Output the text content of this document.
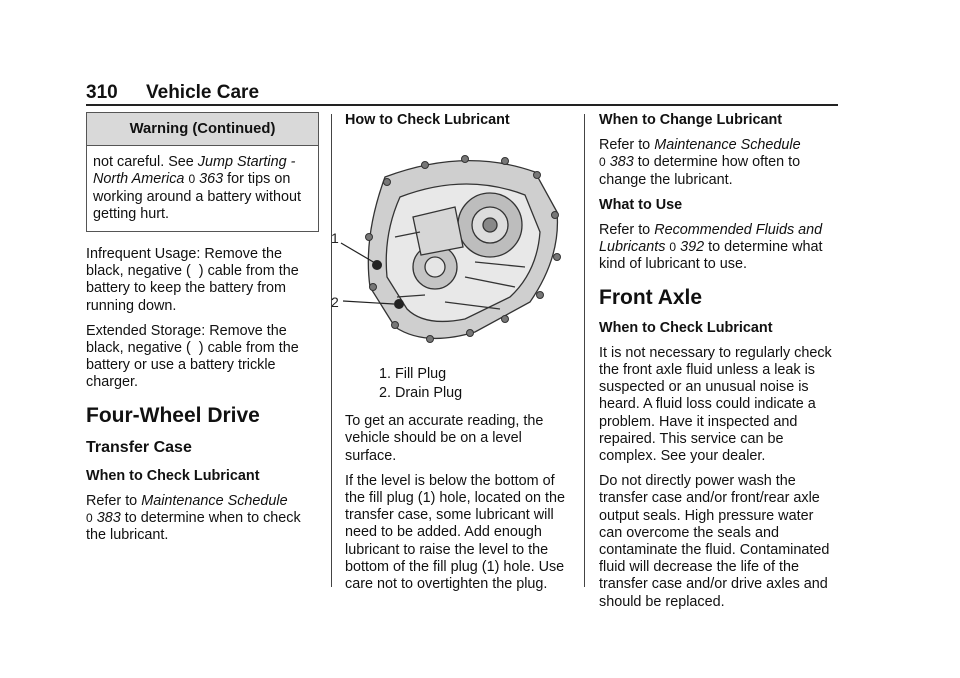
310 Vehicle Care
Warning (Continued)

not careful. See Jump Starting - North America 0 363 for tips on working around a battery without getting hurt.

Infrequent Usage: Remove the black, negative (  ) cable from the battery to keep the battery from running down.

Extended Storage: Remove the black, negative (  ) cable from the battery or use a battery trickle charger.

Four-Wheel Drive
Transfer Case
When to Check Lubricant

Refer to Maintenance Schedule
0 383 to determine when to check the lubricant.

How to Check Lubricant
1
2
1. Fill Plug
2. Drain Plug

To get an accurate reading, the vehicle should be on a level surface.

If the level is below the bottom of the fill plug (1) hole, located on the transfer case, some lubricant will need to be added. Add enough lubricant to raise the level to the bottom of the fill plug (1) hole. Use care not to overtighten the plug.

When to Change Lubricant

Refer to Maintenance Schedule
0 383 to determine how often to change the lubricant.

What to Use

Refer to Recommended Fluids and Lubricants 0 392 to determine what kind of lubricant to use.

Front Axle
When to Check Lubricant

It is not necessary to regularly check the front axle fluid unless a leak is suspected or an unusual noise is heard. A fluid loss could indicate a problem. Have it inspected and repaired. This service can be complex. See your dealer.

Do not directly power wash the transfer case and/or front/rear axle output seals. High pressure water can overcome the seals and contaminate the fluid. Contaminated fluid will decrease the life of the transfer case and/or drive axles and should be replaced.
